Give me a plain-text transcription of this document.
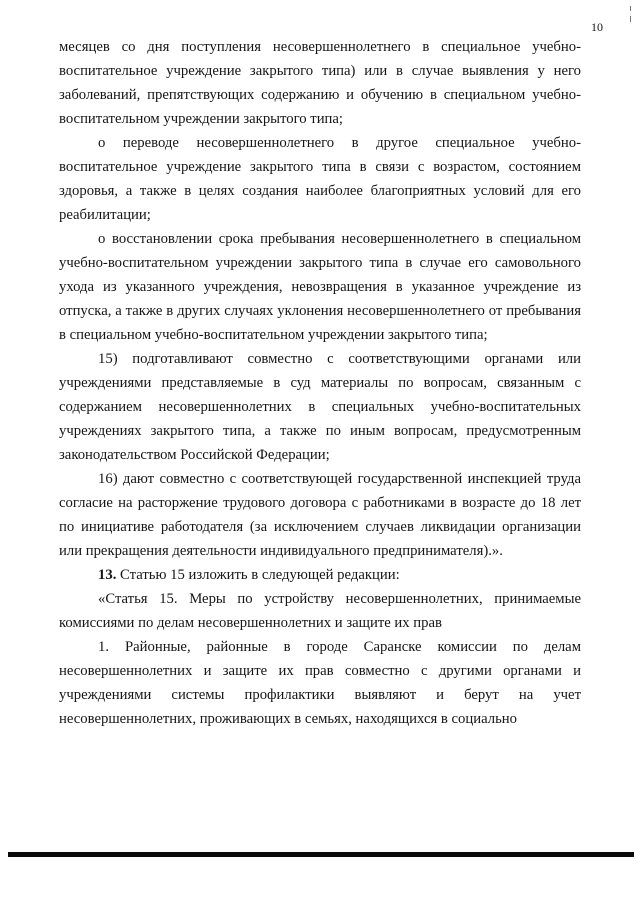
10

месяцев со дня поступления несовершеннолетнего в специальное учебно- воспитательное учреждение закрытого типа) или в случае выявления у него заболеваний, препятствующих содержанию и обучению в специальном учебно- воспитательном учреждении закрытого типа;

о переводе несовершеннолетнего в другое специальное учебно- воспитательное учреждение закрытого типа в связи с возрастом, состоянием здоровья, а также в целях создания наиболее благоприятных условий для его реабилитации;

о восстановлении срока пребывания несовершеннолетнего в специальном учебно-воспитательном учреждении закрытого типа в случае его самовольного ухода из указанного учреждения, невозвращения в указанное учреждение из отпуска, а также в других случаях уклонения несовершеннолетнего от пребывания в специальном учебно-воспитательном учреждении закрытого типа;

15) подготавливают совместно с соответствующими органами или учреждениями представляемые в суд материалы по вопросам, связанным с содержанием несовершеннолетних в специальных учебно-воспитательных учреждениях закрытого типа, а также по иным вопросам, предусмотренным законодательством Российской Федерации;

16) дают совместно с соответствующей государственной инспекцией труда согласие на расторжение трудового договора с работниками в возрасте до 18 лет по инициативе работодателя (за исключением случаев ликвидации организации или прекращения деятельности индивидуального предпринимателя).».

13. Статью 15 изложить в следующей редакции:

«Статья 15. Меры по устройству несовершеннолетних, принимаемые комиссиями по делам несовершеннолетних и защите их прав

1. Районные, районные в городе Саранске комиссии по делам несовершеннолетних и защите их прав совместно с другими органами и учреждениями системы профилактики выявляют и берут на учет несовершеннолетних, проживающих в семьях, находящихся в социально
